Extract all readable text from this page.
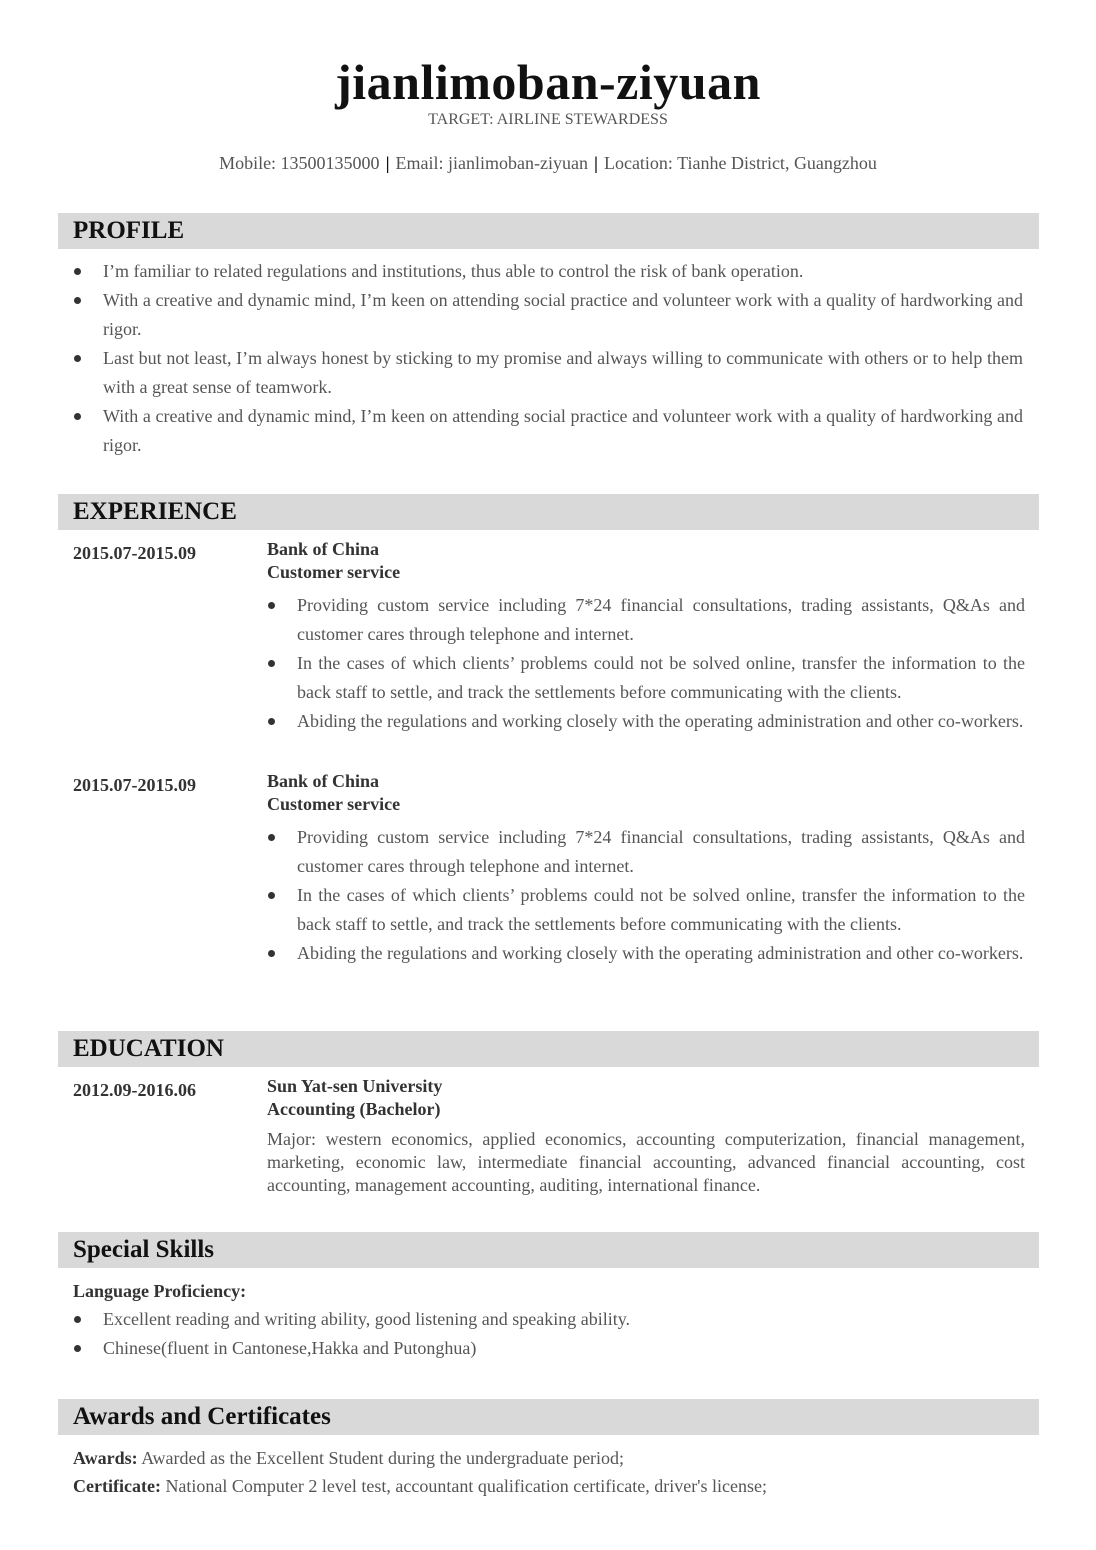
jianlimoban-ziyuan
TARGET: AIRLINE STEWARDESS
Mobile: 13500135000 | Email: jianlimoban-ziyuan | Location: Tianhe District, Guangzhou
PROFILE
I’m familiar to related regulations and institutions, thus able to control the risk of bank operation.
With a creative and dynamic mind, I’m keen on attending social practice and volunteer work with a quality of hardworking and rigor.
Last but not least, I’m always honest by sticking to my promise and always willing to communicate with others or to help them with a great sense of teamwork.
With a creative and dynamic mind, I’m keen on attending social practice and volunteer work with a quality of hardworking and rigor.
EXPERIENCE
2015.07-2015.09	Bank of China
Customer service
Providing custom service including 7*24 financial consultations, trading assistants, Q&As and customer cares through telephone and internet.
In the cases of which clients’ problems could not be solved online, transfer the information to the back staff to settle, and track the settlements before communicating with the clients.
Abiding the regulations and working closely with the operating administration and other co-workers.
2015.07-2015.09	Bank of China
Customer service
Providing custom service including 7*24 financial consultations, trading assistants, Q&As and customer cares through telephone and internet.
In the cases of which clients’ problems could not be solved online, transfer the information to the back staff to settle, and track the settlements before communicating with the clients.
Abiding the regulations and working closely with the operating administration and other co-workers.
EDUCATION
2012.09-2016.06	Sun Yat-sen University
Accounting (Bachelor)
Major: western economics, applied economics, accounting computerization, financial management, marketing, economic law, intermediate financial accounting, advanced financial accounting, cost accounting, management accounting, auditing, international finance.
Special Skills
Language Proficiency:
Excellent reading and writing ability, good listening and speaking ability.
Chinese(fluent in Cantonese,Hakka and Putonghua)
Awards and Certificates
Awards: Awarded as the Excellent Student during the undergraduate period;
Certificate: National Computer 2 level test, accountant qualification certificate, driver's license;
